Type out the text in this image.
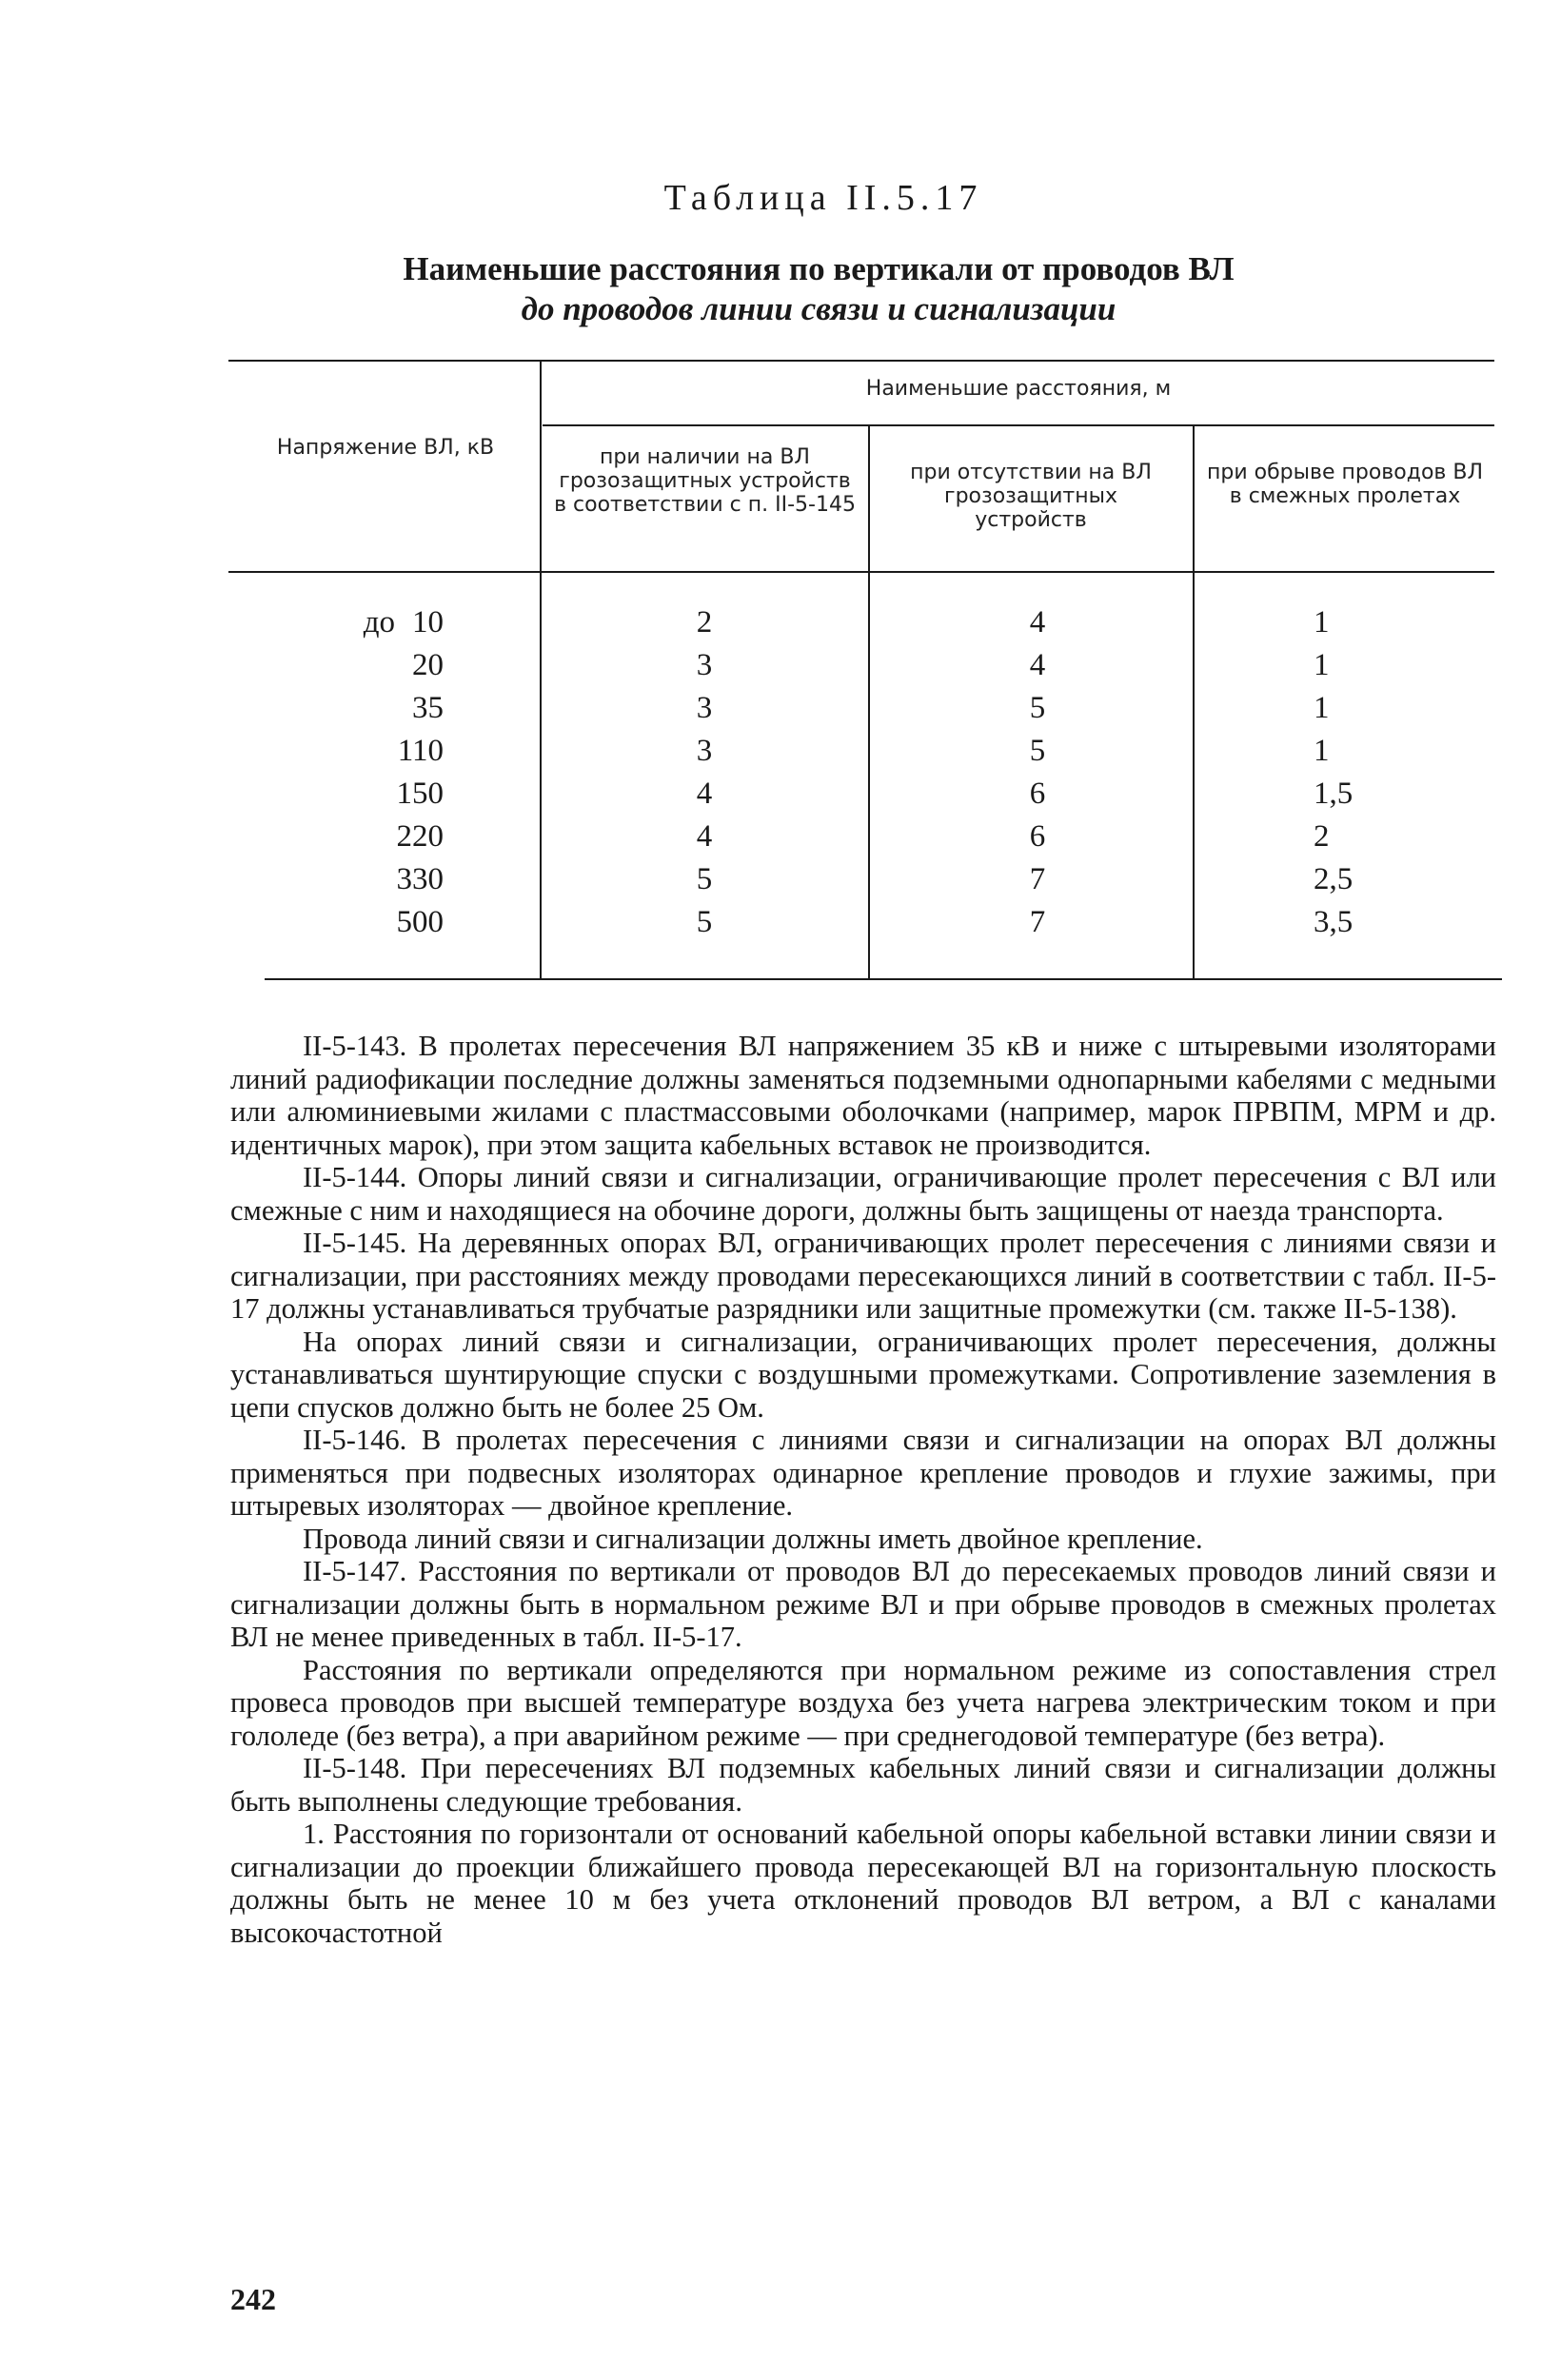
Таблица II.5.17
Наименьшие расстояния по вертикали от проводов ВЛ
до проводов линии связи и сигнализации
Напряжение ВЛ, кВ
Наименьшие расстояния, м
при наличии на ВЛ грозозащитных устройств в соответствии с п. II-5-145
при отсутствии на ВЛ грозозащитных устройств
при обрыве проводов ВЛ в смежных пролетах
до 10	2	4	1
20	3	4	1
35	3	5	1
110	3	5	1
150	4	6	1,5
220	4	6	2
330	5	7	2,5
500	5	7	3,5

II-5-143. В пролетах пересечения ВЛ напряжением 35 кВ и ниже с штыревыми изоляторами линий радиофикации последние должны заменяться подземными однопарными кабелями с медными или алюминиевыми жилами с пластмассовыми оболочками (например, марок ПРВПМ, МРМ и др. идентичных марок), при этом защита кабельных вставок не производится.

II-5-144. Опоры линий связи и сигнализации, ограничивающие пролет пересечения с ВЛ или смежные с ним и находящиеся на обочине дороги, должны быть защищены от наезда транспорта.

II-5-145. На деревянных опорах ВЛ, ограничивающих пролет пересечения с линиями связи и сигнализации, при расстояниях между проводами пересекающихся линий в соответствии с табл. II-5-17 должны устанавливаться трубчатые разрядники или защитные промежутки (см. также II-5-138).

На опорах линий связи и сигнализации, ограничивающих пролет пересечения, должны устанавливаться шунтирующие спуски с воздушными промежутками. Сопротивление заземления в цепи спусков должно быть не более 25 Ом.

II-5-146. В пролетах пересечения с линиями связи и сигнализации на опорах ВЛ должны применяться при подвесных изоляторах одинарное крепление проводов и глухие зажимы, при штыревых изоляторах — двойное крепление.

Провода линий связи и сигнализации должны иметь двойное крепление.

II-5-147. Расстояния по вертикали от проводов ВЛ до пересекаемых проводов линий связи и сигнализации должны быть в нормальном режиме ВЛ и при обрыве проводов в смежных пролетах ВЛ не менее приведенных в табл. II-5-17.

Расстояния по вертикали определяются при нормальном режиме из сопоставления стрел провеса проводов при высшей температуре воздуха без учета нагрева электрическим током и при гололеде (без ветра), а при аварийном режиме — при среднегодовой температуре (без ветра).

II-5-148. При пересечениях ВЛ подземных кабельных линий связи и сигнализации должны быть выполнены следующие требования.

1. Расстояния по горизонтали от оснований кабельной опоры кабельной вставки линии связи и сигнализации до проекции ближайшего провода пересекающей ВЛ на горизонтальную плоскость должны быть не менее 10 м без учета отклонений проводов ВЛ ветром, а ВЛ с каналами высокочастотной

242
